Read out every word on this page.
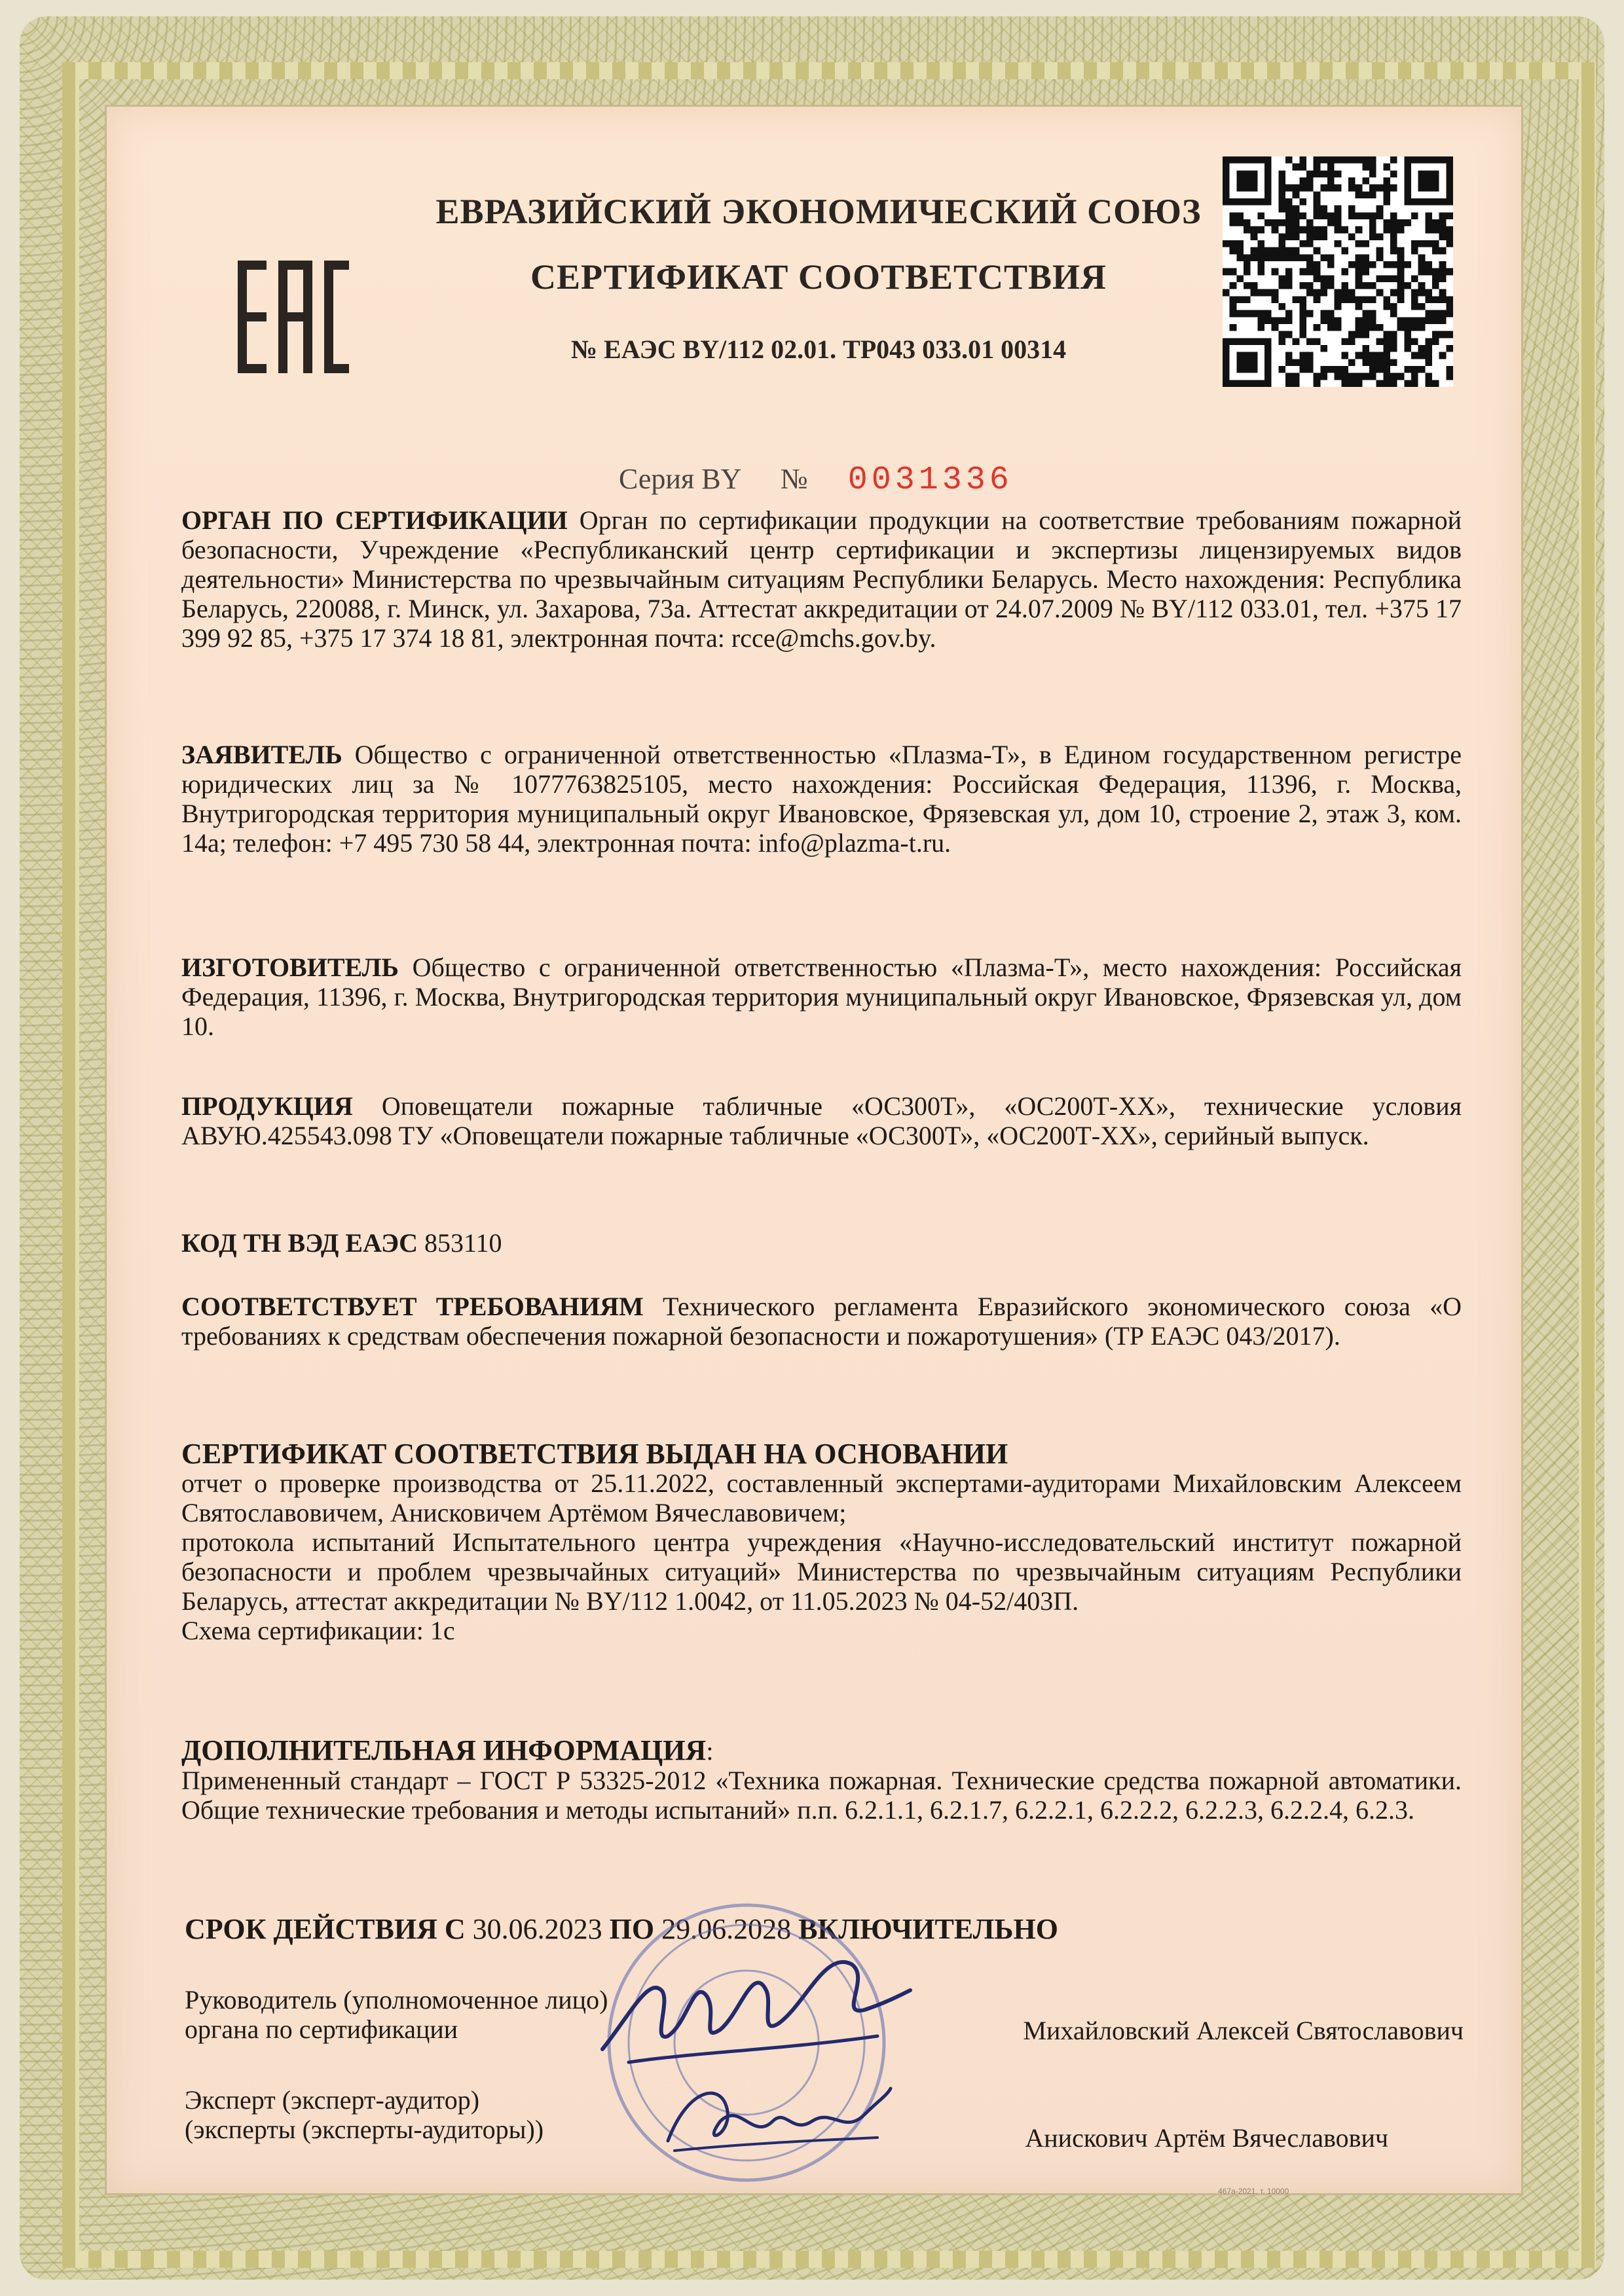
ЕВРАЗИЙСКИЙ ЭКОНОМИЧЕСКИЙ СОЮЗ
СЕРТИФИКАТ СООТВЕТСТВИЯ
№ ЕАЭС BY/112 02.01. ТР043 033.01 00314
Серия BY № 0031336
ОРГАН ПО СЕРТИФИКАЦИИ Орган по сертификации продукции на соответствие требованиям пожарной безопасности, Учреждение «Республиканский центр сертификации и экспертизы лицензируемых видов деятельности» Министерства по чрезвычайным ситуациям Республики Беларусь. Место нахождения: Республика Беларусь, 220088, г. Минск, ул. Захарова, 73а. Аттестат аккредитации от 24.07.2009 № BY/112 033.01, тел. +375 17 399 92 85, +375 17 374 18 81, электронная почта: rcce@mchs.gov.by.
ЗАЯВИТЕЛЬ Общество с ограниченной ответственностью «Плазма-Т», в Едином государственном регистре юридических лиц за № 1077763825105, место нахождения: Российская Федерация, 11396, г. Москва, Внутригородская территория муниципальный округ Ивановское, Фрязевская ул, дом 10, строение 2, этаж 3, ком. 14а; телефон: +7 495 730 58 44, электронная почта: info@plazma-t.ru.
ИЗГОТОВИТЕЛЬ Общество с ограниченной ответственностью «Плазма-Т», место нахождения: Российская Федерация, 11396, г. Москва, Внутригородская территория муниципальный округ Ивановское, Фрязевская ул, дом 10.
ПРОДУКЦИЯ Оповещатели пожарные табличные «ОС300Т», «ОС200Т-XX», технические условия АВУЮ.425543.098 ТУ «Оповещатели пожарные табличные «ОС300Т», «ОС200Т-XX», серийный выпуск.
КОД ТН ВЭД ЕАЭС 853110
СООТВЕТСТВУЕТ ТРЕБОВАНИЯМ Технического регламента Евразийского экономического союза «О требованиях к средствам обеспечения пожарной безопасности и пожаротушения» (ТР ЕАЭС 043/2017).
СЕРТИФИКАТ СООТВЕТСТВИЯ ВЫДАН НА ОСНОВАНИИ
отчет о проверке производства от 25.11.2022, составленный экспертами-аудиторами Михайловским Алексеем Святославовичем, Анисковичем Артёмом Вячеславовичем;
протокола испытаний Испытательного центра учреждения «Научно-исследовательский институт пожарной безопасности и проблем чрезвычайных ситуаций» Министерства по чрезвычайным ситуациям Республики Беларусь, аттестат аккредитации № BY/112 1.0042, от 11.05.2023 № 04-52/403П.
Схема сертификации: 1с
ДОПОЛНИТЕЛЬНАЯ ИНФОРМАЦИЯ:
Примененный стандарт – ГОСТ Р 53325-2012 «Техника пожарная. Технические средства пожарной автоматики. Общие технические требования и методы испытаний» п.п. 6.2.1.1, 6.2.1.7, 6.2.2.1, 6.2.2.2, 6.2.2.3, 6.2.2.4, 6.2.3.
СРОК ДЕЙСТВИЯ С 30.06.2023 ПО 29.06.2028 ВКЛЮЧИТЕЛЬНО
Руководитель (уполномоченное лицо)
органа по сертификации	Михайловский Алексей Святославович
Эксперт (эксперт-аудитор)
(эксперты (эксперты-аудиторы))	Анискович Артём Вячеславович
467a-2021, т. 10000
